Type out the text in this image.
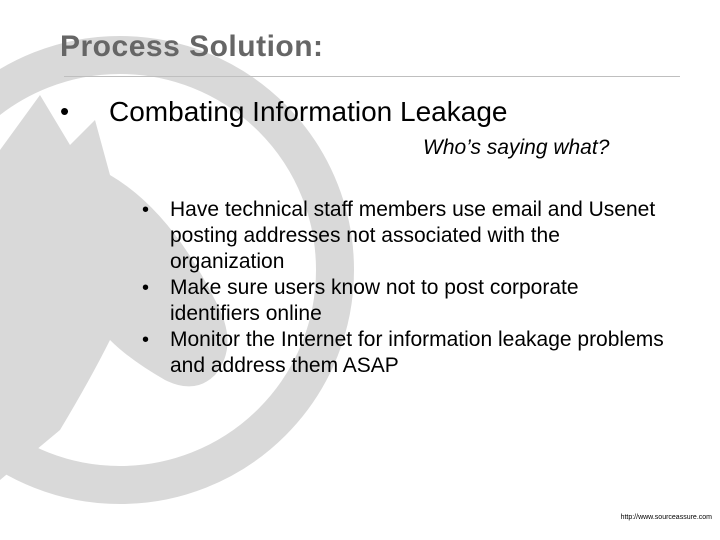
Process Solution:
• Combating Information Leakage
Who’s saying what?
• Have technical staff members use email and Usenet posting addresses not associated with the organization
• Make sure users know not to post corporate identifiers online
• Monitor the Internet for information leakage problems and address them ASAP
http://www.sourceassure.com
